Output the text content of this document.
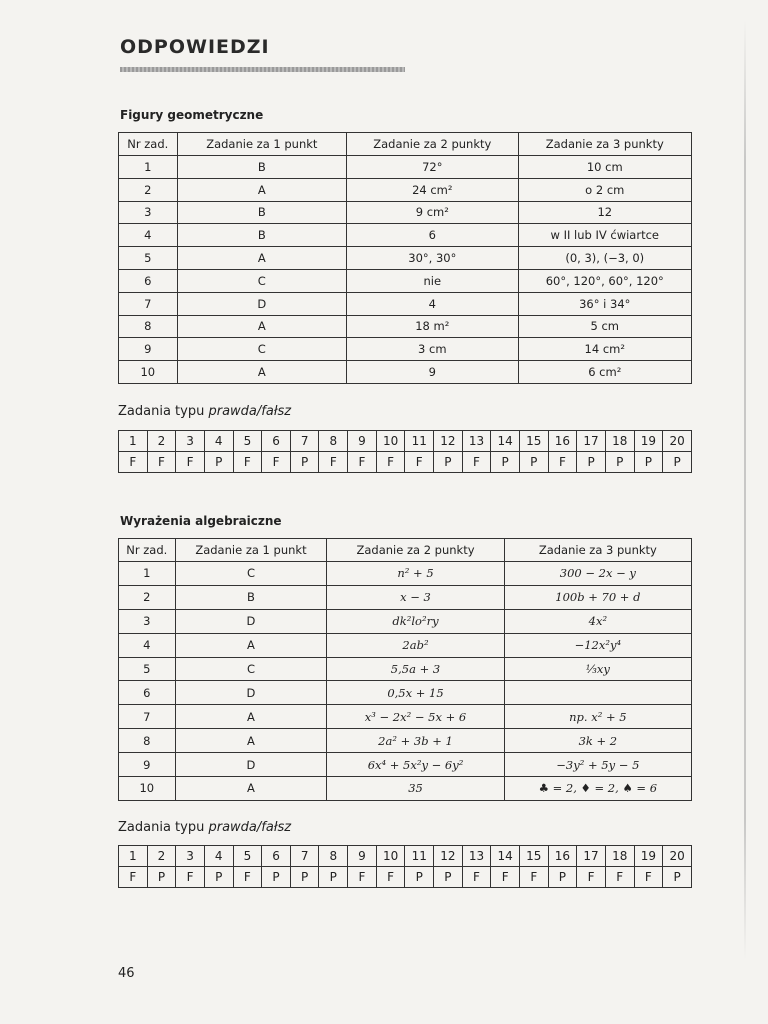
ODPOWIEDZI
Figury geometryczne
Nr zad.	Zadanie za 1 punkt	Zadanie za 2 punkty	Zadanie za 3 punkty
1	B	72°	10 cm
2	A	24 cm²	o 2 cm
3	B	9 cm²	12
4	B	6	w II lub IV ćwiartce
5	A	30°, 30°	(0, 3), (−3, 0)
6	C	nie	60°, 120°, 60°, 120°
7	D	4	36° i 34°
8	A	18 m²	5 cm
9	C	3 cm	14 cm²
10	A	9	6 cm²
Zadania typu prawda/fałsz
1	2	3	4	5	6	7	8	9	10	11	12	13	14	15	16	17	18	19	20
F	F	F	P	F	F	P	F	F	F	F	P	F	P	P	F	P	P	P	P
Wyrażenia algebraiczne
Nr zad.	Zadanie za 1 punkt	Zadanie za 2 punkty	Zadanie za 3 punkty
1	C	n² + 5	300 − 2x − y
2	B	x − 3	100b + 70 + d
3	D	dk²lo²ry	4x²
4	A	2ab²	−12x²y⁴
5	C	5,5a + 3	⅓xy
6	D	0,5x + 15	
7	A	x³ − 2x² − 5x + 6	np. x² + 5
8	A	2a² + 3b + 1	3k + 2
9	D	6x⁴ + 5x²y − 6y²	−3y² + 5y − 5
10	A	35	♣ = 2, ♦ = 2, ♠ = 6
Zadania typu prawda/fałsz
1	2	3	4	5	6	7	8	9	10	11	12	13	14	15	16	17	18	19	20
F	P	F	P	F	P	P	P	F	F	P	P	F	F	F	P	F	F	F	P
46
